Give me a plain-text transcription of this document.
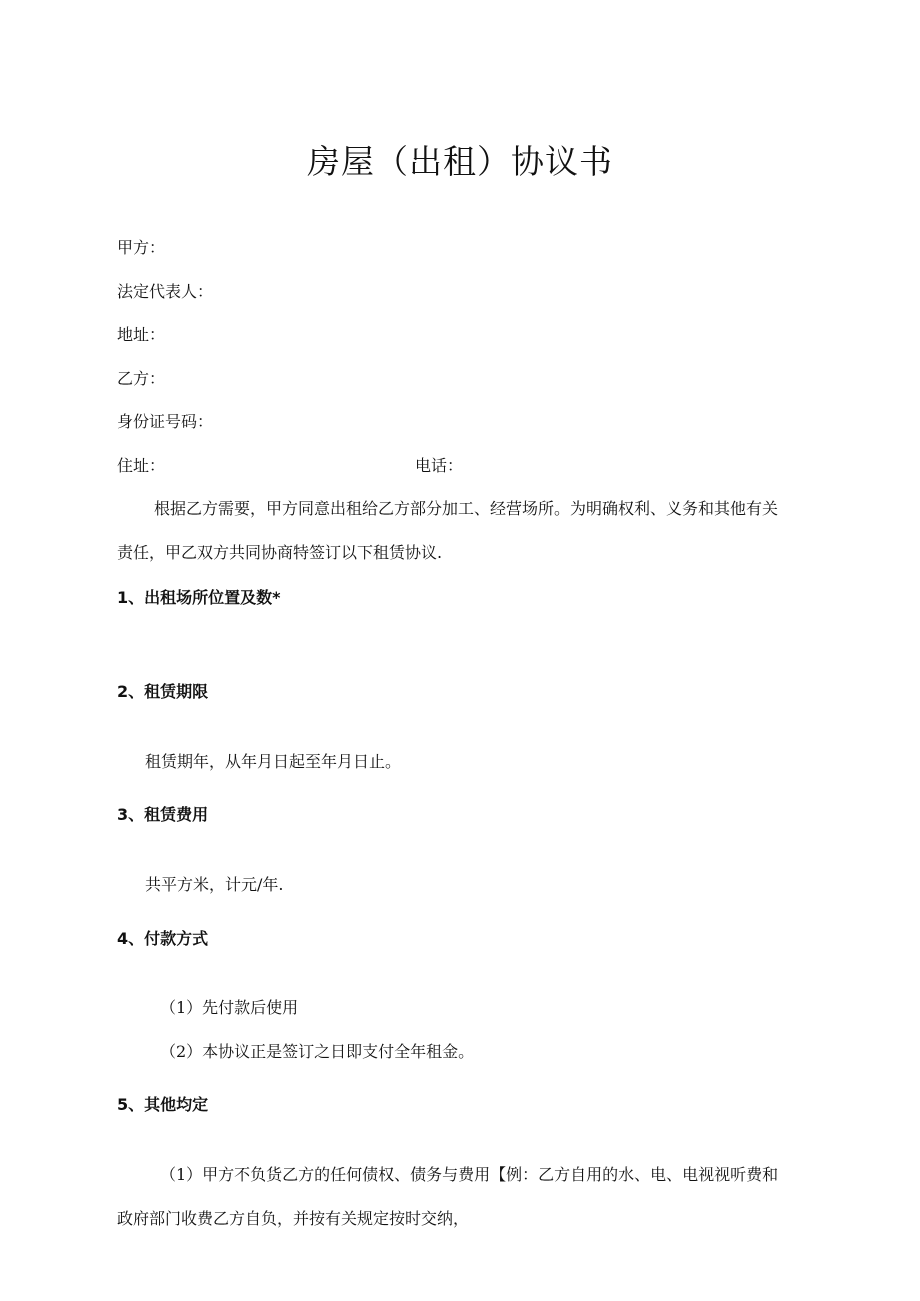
房屋（出租）协议书
甲方：
法定代表人：
地址：
乙方：
身份证号码：
住址：	电话：
根据乙方需要，甲方同意出租给乙方部分加工、经营场所。为明确权利、义务和其他有关
责任，甲乙双方共同协商特签订以下租赁协议.
1、出租场所位置及数*
2、租赁期限
租赁期年，从年月日起至年月日止。
3、租赁费用
共平方米，计元/年.
4、付款方式
（1）先付款后使用
（2）本协议正是签订之日即支付全年租金。
5、其他均定
（1）甲方不负货乙方的任何债权、债务与费用【例：乙方自用的水、电、电视视听费和
政府部门收费乙方自负，并按有关规定按时交纳，
